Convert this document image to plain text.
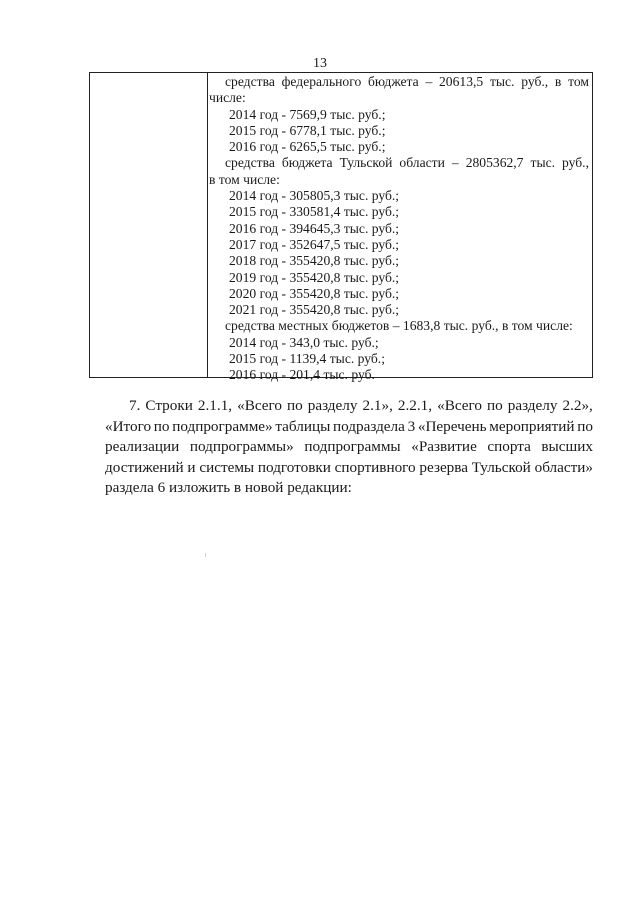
13
средства федерального бюджета – 20613,5 тыс. руб., в том
числе:
2014 год - 7569,9 тыс. руб.;
2015 год - 6778,1 тыс. руб.;
2016 год - 6265,5 тыс. руб.;
средства бюджета Тульской области – 2805362,7 тыс. руб.,
в том числе:
2014 год - 305805,3 тыс. руб.;
2015 год - 330581,4 тыс. руб.;
2016 год - 394645,3 тыс. руб.;
2017 год - 352647,5 тыс. руб.;
2018 год - 355420,8 тыс. руб.;
2019 год - 355420,8 тыс. руб.;
2020 год - 355420,8 тыс. руб.;
2021 год - 355420,8 тыс. руб.;
средства местных бюджетов – 1683,8 тыс. руб., в том числе:
2014 год - 343,0 тыс. руб.;
2015 год - 1139,4 тыс. руб.;
2016 год - 201,4 тыс. руб.
7. Строки 2.1.1, «Всего по разделу 2.1», 2.2.1, «Всего по разделу 2.2»,
«Итого по подпрограмме» таблицы подраздела 3 «Перечень мероприятий по
реализации подпрограммы» подпрограммы «Развитие спорта высших
достижений и системы подготовки спортивного резерва Тульской области»
раздела 6 изложить в новой редакции:
